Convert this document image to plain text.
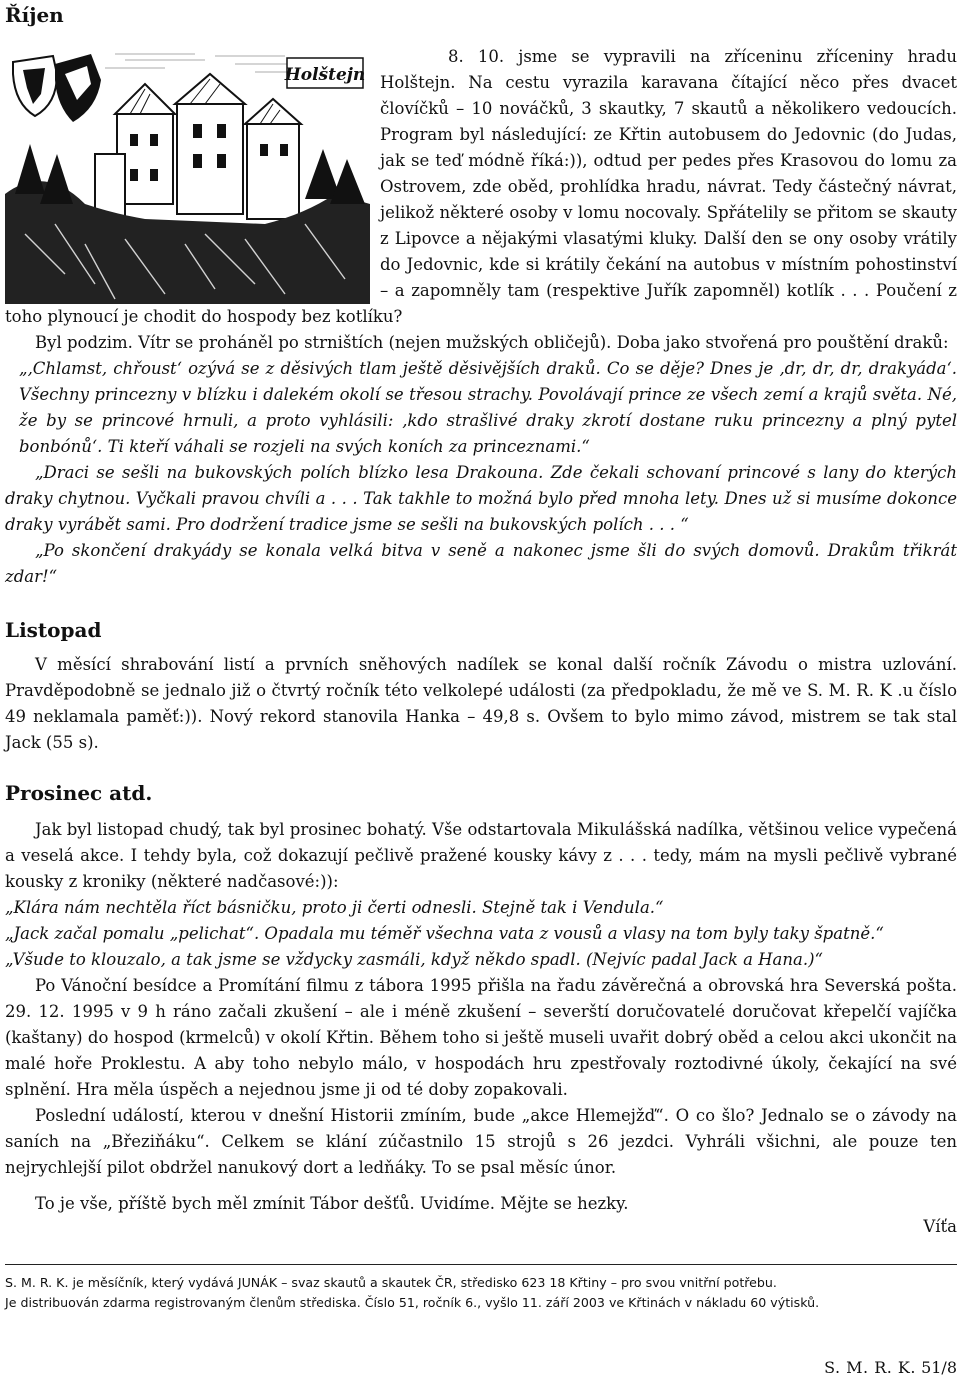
Říjen
Holštejn

8. 10. jsme se vypravili na zříceninu zříceniny hradu Holštejn. Na cestu vyrazila karavana čítající něco přes dvacet človíčků – 10 nováčků, 3 skautky, 7 skautů a několikero vedoucích. Program byl následující: ze Křtin autobusem do Jedovnic (do Judas, jak se teď módně říká:)), odtud per pedes přes Krasovou do lomu za Ostrovem, zde oběd, prohlídka hradu, návrat. Tedy částečný návrat, jelikož některé osoby v lomu nocovaly. Spřátelily se přitom se skauty z Lipovce a nějakými vlasatými kluky. Další den se ony osoby vrátily do Jedovnic, kde si krátily čekání na autobus v místním pohostinství – a zapomněly tam (respektive Juřík zapomněl) kotlík . . . Poučení z toho plynoucí je chodit do hospody bez kotlíku?

Byl podzim. Vítr se proháněl po strništích (nejen mužských obličejů). Doba jako stvořená pro pouštění draků:

„‚Chlamst, chřoust‘ ozývá se z děsivých tlam ještě děsivějších draků. Co se děje? Dnes je ‚dr, dr, dr, drakyáda‘. Všechny princezny v blízku i dalekém okolí se třesou strachy. Povolávají prince ze všech zemí a krajů světa. Né, že by se princové hrnuli, a proto vyhlásili: ‚kdo strašlivé draky zkrotí dostane ruku princezny a plný pytel bonbónů‘. Ti kteří váhali se rozjeli na svých koních za princeznami.“

„Draci se sešli na bukovských polích blízko lesa Drakouna. Zde čekali schovaní princové s lany do kterých draky chytnou. Vyčkali pravou chvíli a . . . Tak takhle to možná bylo před mnoha lety. Dnes už si musíme dokonce draky vyrábět sami. Pro dodržení tradice jsme se sešli na bukovských polích . . . “

„Po skončení drakyády se konala velká bitva v seně a nakonec jsme šli do svých domovů. Drakům třikrát zdar!“

Listopad

V měsící shrabování listí a prvních sněhových nadílek se konal další ročník Závodu o mistra uzlování. Pravděpodobně se jednalo již o čtvrtý ročník této velkolepé události (za předpokladu, že mě ve S. M. R. K .u číslo 49 neklamala paměť:)). Nový rekord stanovila Hanka – 49,8 s. Ovšem to bylo mimo závod, mistrem se tak stal Jack (55 s).

Prosinec atd.

Jak byl listopad chudý, tak byl prosinec bohatý. Vše odstartovala Mikulášská nadílka, většinou velice vypečená a veselá akce. I tehdy byla, což dokazují pečlivě pražené kousky kávy z . . . tedy, mám na mysli pečlivě vybrané kousky z kroniky (některé nadčasové:)):

„Klára nám nechtěla říct básničku, proto ji čerti odnesli. Stejně tak i Vendula.“

„Jack začal pomalu „pelichat“. Opadala mu téměř všechna vata z vousů a vlasy na tom byly taky špatně.“

„Všude to klouzalo, a tak jsme se vždycky zasmáli, když někdo spadl. (Nejvíc padal Jack a Hana.)“

Po Vánoční besídce a Promítání filmu z tábora 1995 přišla na řadu závěrečná a obrovská hra Severská pošta. 29. 12. 1995 v 9 h ráno začali zkušení – ale i méně zkušení – severští doručovatelé doručovat křepelčí vajíčka (kaštany) do hospod (krmelců) v okolí Křtin. Během toho si ještě museli uvařit dobrý oběd a celou akci ukončit na malé hoře Proklestu. A aby toho nebylo málo, v hospodách hru zpestřovaly roztodivné úkoly, čekající na své splnění. Hra měla úspěch a nejednou jsme ji od té doby zopakovali.

Poslední událostí, kterou v dnešní Historii zmíním, bude „akce Hlemejžď“. O co šlo? Jednalo se o závody na saních na „Březiňáku“. Celkem se klání zúčastnilo 15 strojů s 26 jezdci. Vyhráli všichni, ale pouze ten nejrychlejší pilot obdržel nanukový dort a ledňáky. To se psal měsíc únor.

To je vše, příště bych měl zmínit Tábor dešťů. Uvidíme. Mějte se hezky.

Víťa
S. M. R. K. je měsíčník, který vydává JUNÁK – svaz skautů a skautek ČR, středisko 623 18 Křtiny – pro svou vnitřní potřebu.
Je distribuován zdarma registrovaným členům střediska. Číslo 51, ročník 6., vyšlo 11. září 2003 ve Křtinách v nákladu 60 výtisků.
S. M. R. K. 51/8
